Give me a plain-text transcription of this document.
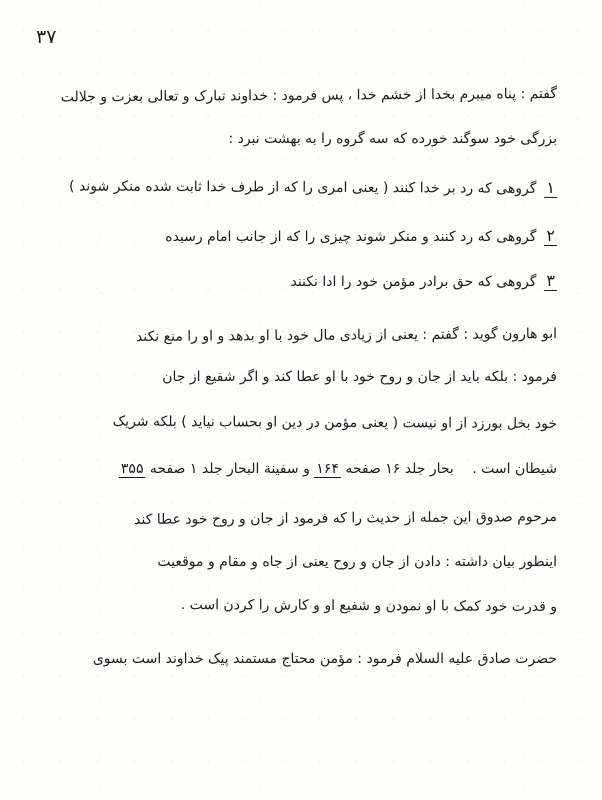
۳۷
گفتم : پناه میبرم بخدا از خشم خدا ، پس فرمود : خداوند تبارک و تعالی بعزت و جلالت
بزرگی خود سوگند خورده که سه گروه را به بهشت نبرد :
۱گروهی که رد بر خدا کنند ( یعنی امری را که از طرف خدا ثابت شده منکر شوند )
۲گروهی که رد کنند و منکر شوند چیزی را که از جانب امام رسیده
۳گروهی که حق برادر مؤمن خود را ادا نکنند
ابو هارون گوید : گفتم : یعنی از زیادی مال خود با او بدهد و او را منع نکند
فرمود : بلکه باید از جان و روح خود با او عطا کند و اگر شفیع از جان
خود بخل بورزد از او نیست ( یعنی مؤمن در دین او بحساب نیاید ) بلکه شریک
شیطان است . بحار جلد ۱۶ صفحه ۱۶۴ و سفینة البحار جلد ۱ صفحه ۳۵۵
مرحوم صدوق این جمله از حدیث را که فرمود از جان و روح خود عطا کند
اینطور بیان داشته : دادن از جان و روح یعنی از جاه و مقام و موقعیت
و قدرت خود کمک با او نمودن و شفیع او و کارش را کردن است .
حضرت صادق علیه السلام فرمود : مؤمن محتاج مستمند پیک خداوند است بسوی
